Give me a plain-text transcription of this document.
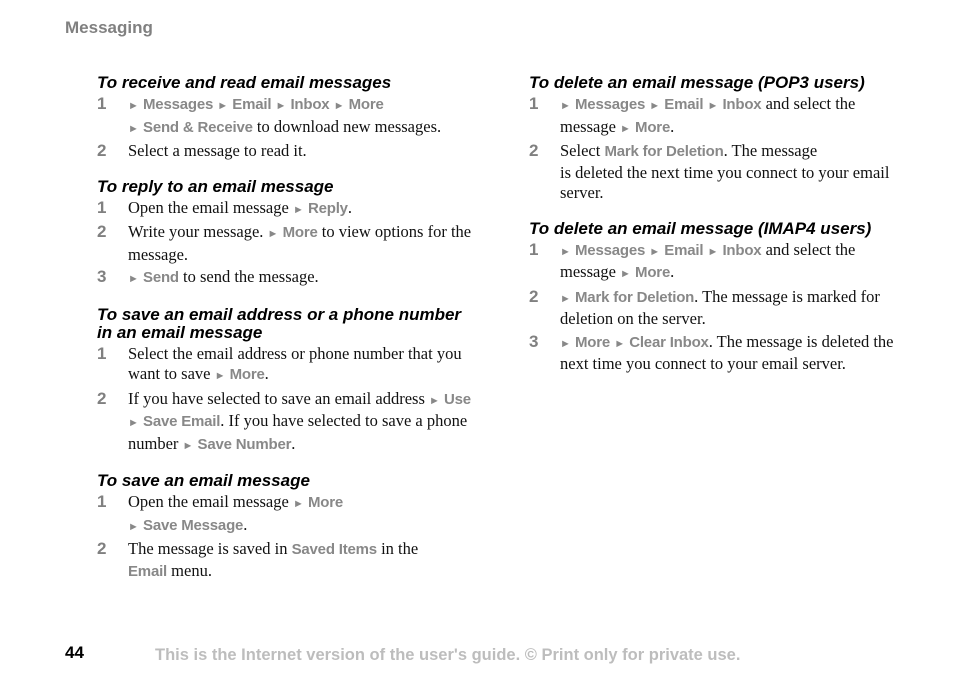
Messaging
To receive and read email messages
1	► Messages ► Email ► Inbox ► More
► Send & Receive to download new messages.
2	Select a message to read it.
To reply to an email message
1	Open the email message ► Reply.
2	Write your message. ► More to view options for the message.
3	► Send to send the message.
To save an email address or a phone number in an email message
1	Select the email address or phone number that you want to save ► More.
2	If you have selected to save an email address ► Use ► Save Email. If you have selected to save a phone number ► Save Number.
To save an email message
1	Open the email message ► More
► Save Message.
2	The message is saved in Saved Items in the
Email menu.
To delete an email message (POP3 users)
1	► Messages ► Email ► Inbox and select the message ► More.
2	Select Mark for Deletion. The message
is deleted the next time you connect to your email server.
To delete an email message (IMAP4 users)
1	► Messages ► Email ► Inbox and select the message ► More.
2	► Mark for Deletion. The message is marked for deletion on the server.
3	► More ► Clear Inbox. The message is deleted the next time you connect to your email server.
44	This is the Internet version of the user's guide. © Print only for private use.
